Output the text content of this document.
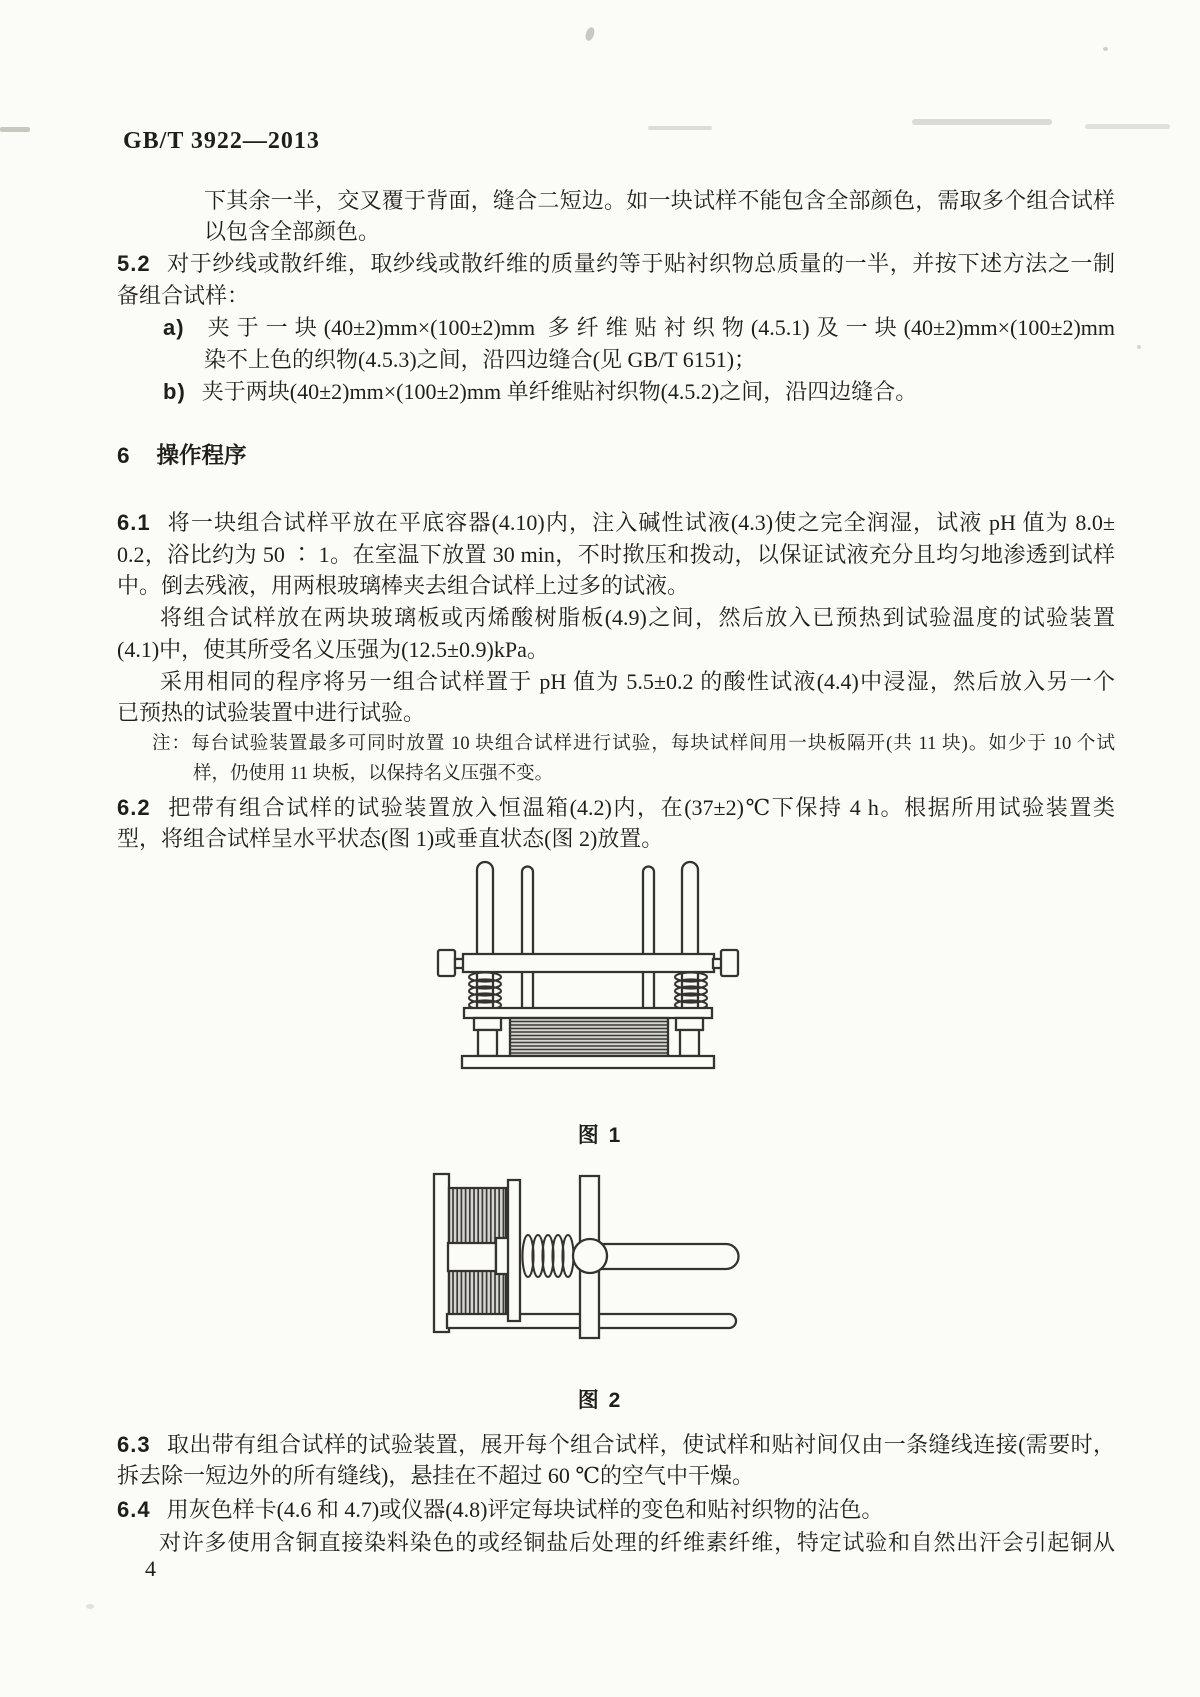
GB/T 3922—2013
下其余一半，交叉覆于背面，缝合二短边。如一块试样不能包含全部颜色，需取多个组合试样
以包含全部颜色。
5.2 对于纱线或散纤维，取纱线或散纤维的质量约等于贴衬织物总质量的一半，并按下述方法之一制
备组合试样：
a) 夹于一块(40±2)mm×(100±2)mm 多纤维贴衬织物(4.5.1)及一块(40±2)mm×(100±2)mm
染不上色的织物(4.5.3)之间，沿四边缝合(见 GB/T 6151)；
b) 夹于两块(40±2)mm×(100±2)mm 单纤维贴衬织物(4.5.2)之间，沿四边缝合。
6 操作程序
6.1 将一块组合试样平放在平底容器(4.10)内，注入碱性试液(4.3)使之完全润湿，试液 pH 值为 8.0±
0.2，浴比约为 50 ∶ 1。在室温下放置 30 min，不时揿压和拨动，以保证试液充分且均匀地渗透到试样
中。倒去残液，用两根玻璃棒夹去组合试样上过多的试液。
将组合试样放在两块玻璃板或丙烯酸树脂板(4.9)之间，然后放入已预热到试验温度的试验装置
(4.1)中，使其所受名义压强为(12.5±0.9)kPa。
采用相同的程序将另一组合试样置于 pH 值为 5.5±0.2 的酸性试液(4.4)中浸湿，然后放入另一个
已预热的试验装置中进行试验。
注：每台试验装置最多可同时放置 10 块组合试样进行试验，每块试样间用一块板隔开(共 11 块)。如少于 10 个试
样，仍使用 11 块板，以保持名义压强不变。
6.2 把带有组合试样的试验装置放入恒温箱(4.2)内，在(37±2)℃下保持 4 h。根据所用试验装置类
型，将组合试样呈水平状态(图 1)或垂直状态(图 2)放置。
6.3 取出带有组合试样的试验装置，展开每个组合试样，使试样和贴衬间仅由一条缝线连接(需要时，
拆去除一短边外的所有缝线)，悬挂在不超过 60 ℃的空气中干燥。
6.4 用灰色样卡(4.6 和 4.7)或仪器(4.8)评定每块试样的变色和贴衬织物的沾色。
对许多使用含铜直接染料染色的或经铜盐后处理的纤维素纤维，特定试验和自然出汗会引起铜从
图 1
图 2
4
